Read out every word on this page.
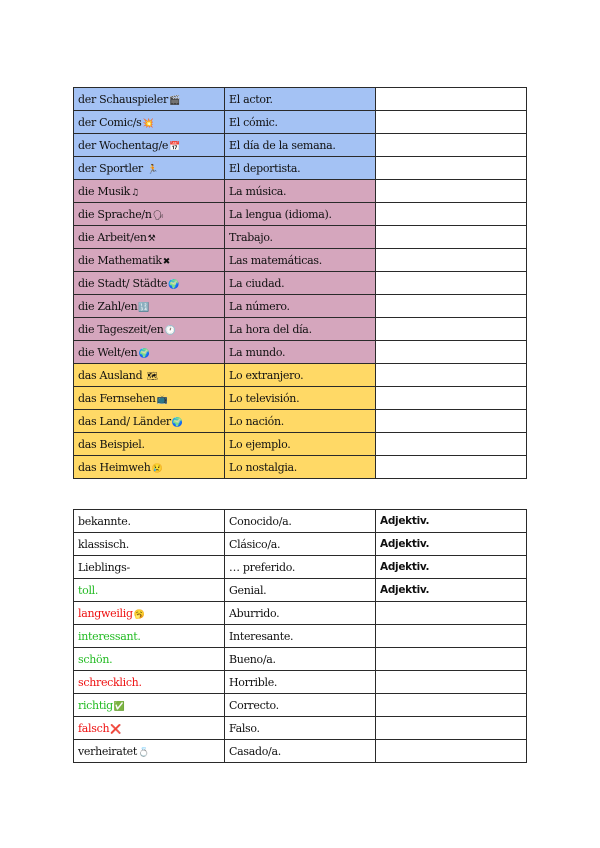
der Schauspieler🎬	El actor.	
der Comic/s💥	El cómic.	
der Wochentag/e📅	El día de la semana.	
der Sportler 🏃	El deportista.	
die Musik♫	La música.	
die Sprache/n🗣	La lengua (idioma).	
die Arbeit/en⚒	Trabajo.	
die Mathematik✖	Las matemáticas.	
die Stadt/ Städte🌍	La ciudad.	
die Zahl/en🔢	La número.	
die Tageszeit/en🕐	La hora del día.	
die Welt/en🌍	La mundo.	
das Ausland 🗺	Lo extranjero.	
das Fernsehen📺	Lo televisión.	
das Land/ Länder🌍	Lo nación.	
das Beispiel.	Lo ejemplo.	
das Heimweh😢	Lo nostalgia.	
bekannte.	Conocido/a.	Adjektiv.
klassisch.	Clásico/a.	Adjektiv.
Lieblings-	… preferido.	Adjektiv.
toll.	Genial.	Adjektiv.
langweilig🥱	Aburrido.	
interessant.	Interesante.	
schön.	Bueno/a.	
schrecklich.	Horrible.	
richtig✅	Correcto.	
falsch❌	Falso.	
verheiratet💍	Casado/a.	
